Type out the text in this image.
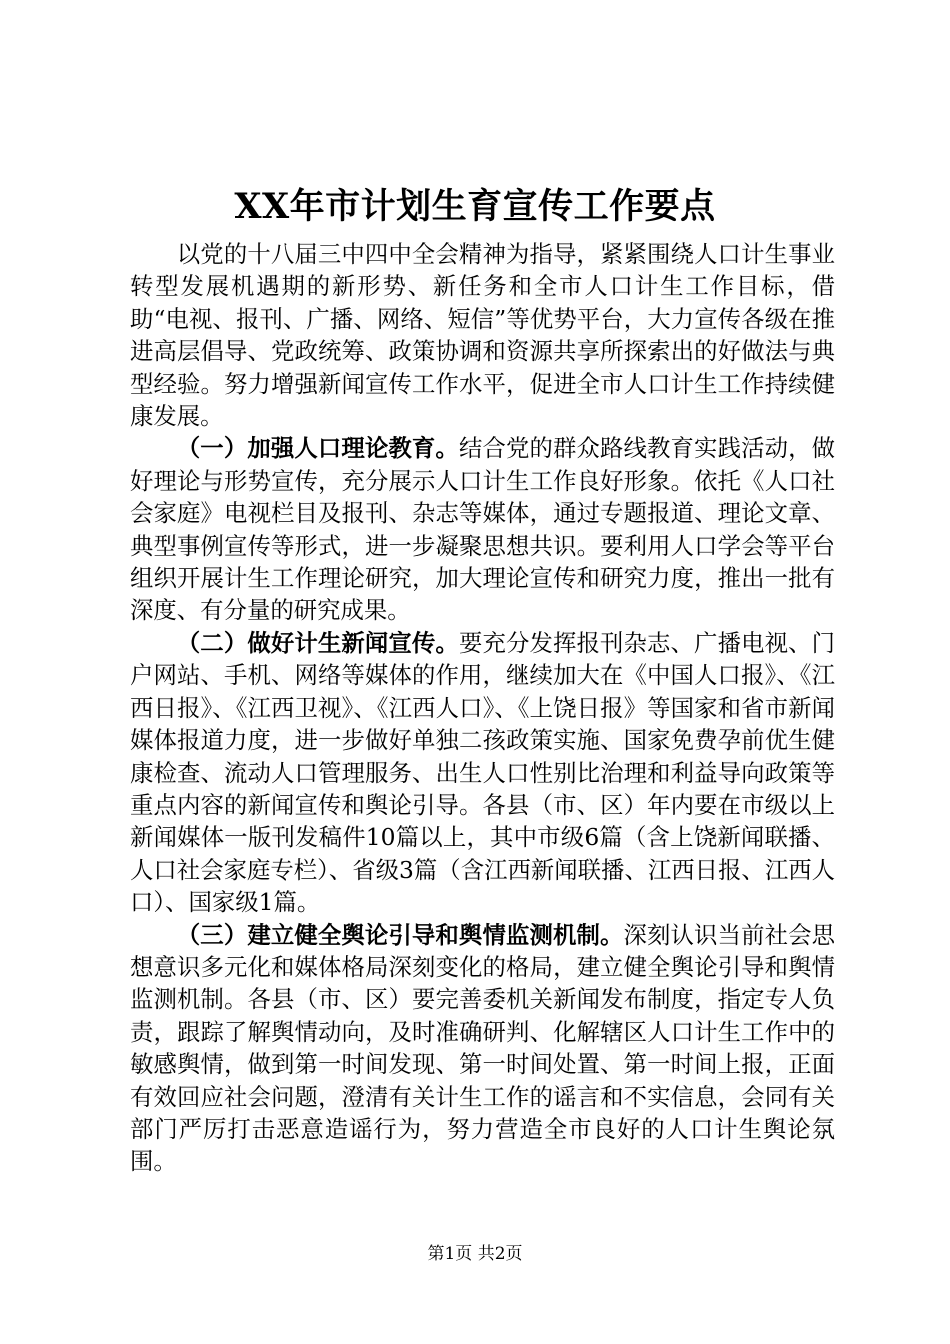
XX年市计划生育宣传工作要点

以党的十八届三中四中全会精神为指导，紧紧围绕人口计生事业转型发展机遇期的新形势、新任务和全市人口计生工作目标，借助“电视、报刊、广播、网络、短信”等优势平台，大力宣传各级在推进高层倡导、党政统筹、政策协调和资源共享所探索出的好做法与典型经验。努力增强新闻宣传工作水平，促进全市人口计生工作持续健康发展。

（一）加强人口理论教育。结合党的群众路线教育实践活动，做好理论与形势宣传，充分展示人口计生工作良好形象。依托《人口社会家庭》电视栏目及报刊、杂志等媒体，通过专题报道、理论文章、典型事例宣传等形式，进一步凝聚思想共识。要利用人口学会等平台组织开展计生工作理论研究，加大理论宣传和研究力度，推出一批有深度、有分量的研究成果。

（二）做好计生新闻宣传。要充分发挥报刊杂志、广播电视、门户网站、手机、网络等媒体的作用，继续加大在《中国人口报》、《江西日报》、《江西卫视》、《江西人口》、《上饶日报》等国家和省市新闻媒体报道力度，进一步做好单独二孩政策实施、国家免费孕前优生健康检查、流动人口管理服务、出生人口性别比治理和利益导向政策等重点内容的新闻宣传和舆论引导。各县（市、区）年内要在市级以上新闻媒体一版刊发稿件10篇以上，其中市级6篇（含上饶新闻联播、人口社会家庭专栏）、省级3篇（含江西新闻联播、江西日报、江西人口）、国家级1篇。

（三）建立健全舆论引导和舆情监测机制。深刻认识当前社会思想意识多元化和媒体格局深刻变化的格局，建立健全舆论引导和舆情监测机制。各县（市、区）要完善委机关新闻发布制度，指定专人负责，跟踪了解舆情动向，及时准确研判、化解辖区人口计生工作中的敏感舆情，做到第一时间发现、第一时间处置、第一时间上报，正面有效回应社会问题，澄清有关计生工作的谣言和不实信息，会同有关部门严厉打击恶意造谣行为，努力营造全市良好的人口计生舆论氛围。

第1页 共2页
